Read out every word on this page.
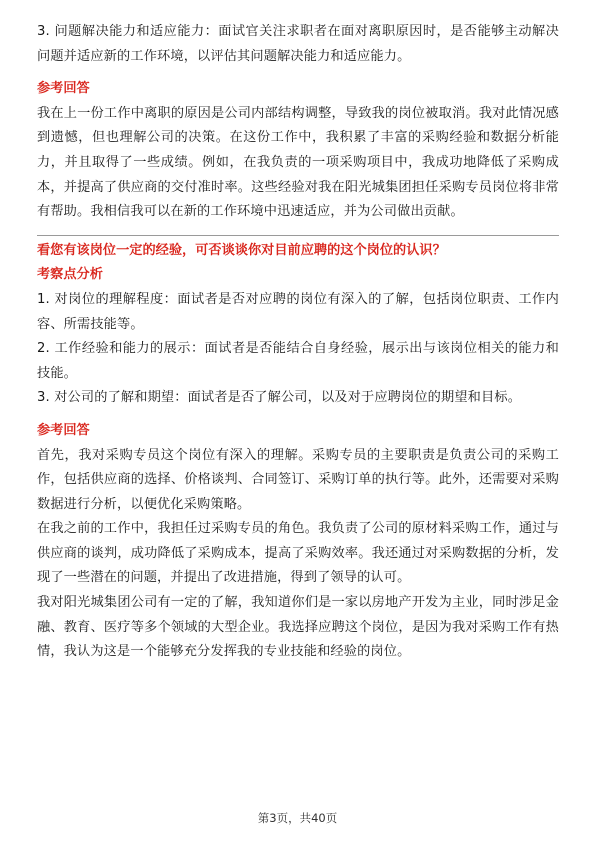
3. 问题解决能力和适应能力：面试官关注求职者在面对离职原因时，是否能够主动解决问题并适应新的工作环境，以评估其问题解决能力和适应能力。

参考回答

我在上一份工作中离职的原因是公司内部结构调整，导致我的岗位被取消。我对此情况感到遗憾，但也理解公司的决策。在这份工作中，我积累了丰富的采购经验和数据分析能力，并且取得了一些成绩。例如，在我负责的一项采购项目中，我成功地降低了采购成本，并提高了供应商的交付准时率。这些经验对我在阳光城集团担任采购专员岗位将非常有帮助。我相信我可以在新的工作环境中迅速适应，并为公司做出贡献。

看您有该岗位一定的经验，可否谈谈你对目前应聘的这个岗位的认识？

考察点分析

1. 对岗位的理解程度：面试者是否对应聘的岗位有深入的了解，包括岗位职责、工作内容、所需技能等。

2. 工作经验和能力的展示：面试者是否能结合自身经验，展示出与该岗位相关的能力和技能。

3. 对公司的了解和期望：面试者是否了解公司，以及对于应聘岗位的期望和目标。

参考回答

首先，我对采购专员这个岗位有深入的理解。采购专员的主要职责是负责公司的采购工作，包括供应商的选择、价格谈判、合同签订、采购订单的执行等。此外，还需要对采购数据进行分析，以便优化采购策略。

在我之前的工作中，我担任过采购专员的角色。我负责了公司的原材料采购工作，通过与供应商的谈判，成功降低了采购成本，提高了采购效率。我还通过对采购数据的分析，发现了一些潜在的问题，并提出了改进措施，得到了领导的认可。

我对阳光城集团公司有一定的了解，我知道你们是一家以房地产开发为主业，同时涉足金融、教育、医疗等多个领域的大型企业。我选择应聘这个岗位，是因为我对采购工作有热情，我认为这是一个能够充分发挥我的专业技能和经验的岗位。

第3页，共40页
